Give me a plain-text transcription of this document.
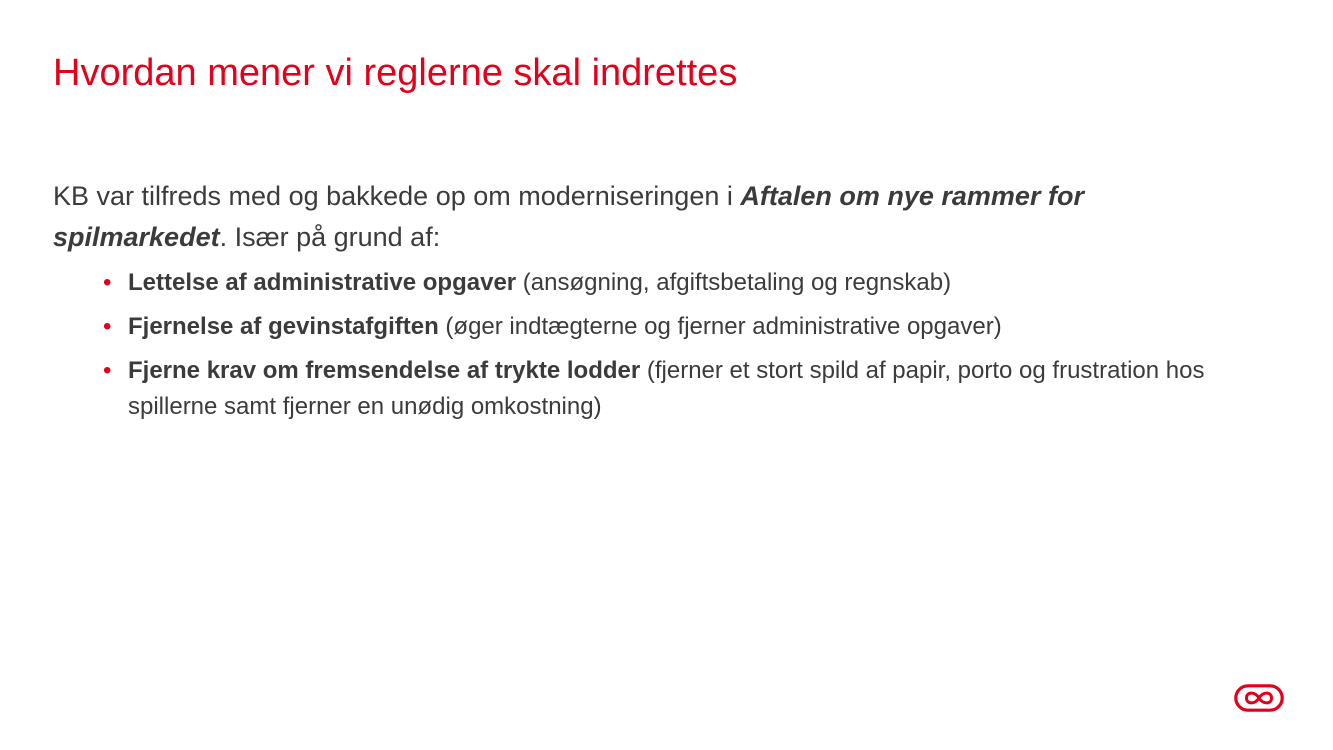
Hvordan mener vi reglerne skal indrettes

KB var tilfreds med og bakkede op om moderniseringen i Aftalen om nye rammer for spilmarkedet. Især på grund af:

• Lettelse af administrative opgaver (ansøgning, afgiftsbetaling og regnskab)
• Fjernelse af gevinstafgiften (øger indtægterne og fjerner administrative opgaver)
• Fjerne krav om fremsendelse af trykte lodder (fjerner et stort spild af papir, porto og frustration hos spillerne samt fjerner en unødig omkostning)
